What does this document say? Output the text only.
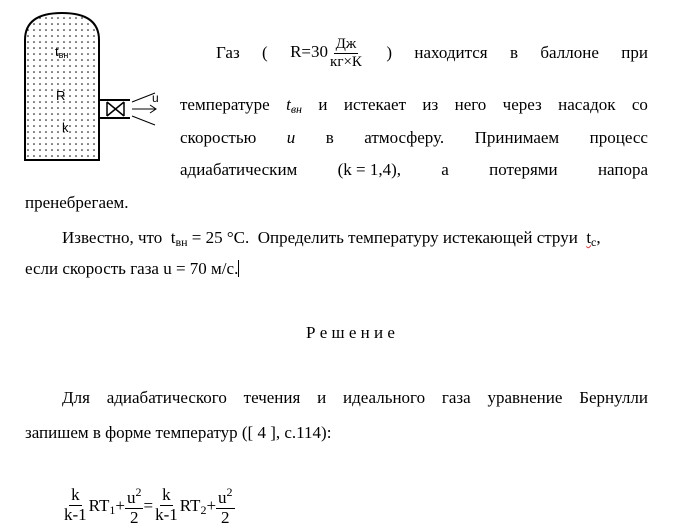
tвн
R
k
u
Газ ( $R=30 \frac{Дж}{кг\times К}$ ) находится в баллоне при
температуре $t_{вн}$ и истекает из него через насадок со
скоростью u в атмосферу. Принимаем процесс
адиабатическим (k = 1,4), а потерями напора
пренебрегаем.
Известно, что $t_{вн} = 25$ °С. Определить температуру истекающей струи $t_с$,
если скорость газа u = 70 м/с.
Р е ш е н и е
Для адиабатического течения и идеального газа уравнение Бернулли
запишем в форме температур ([ 4 ], с.114):
$\frac{k}{k-1} RT_1 + \frac{u^2}{2} = \frac{k}{k-1} RT_2 + \frac{u^2}{2}$
